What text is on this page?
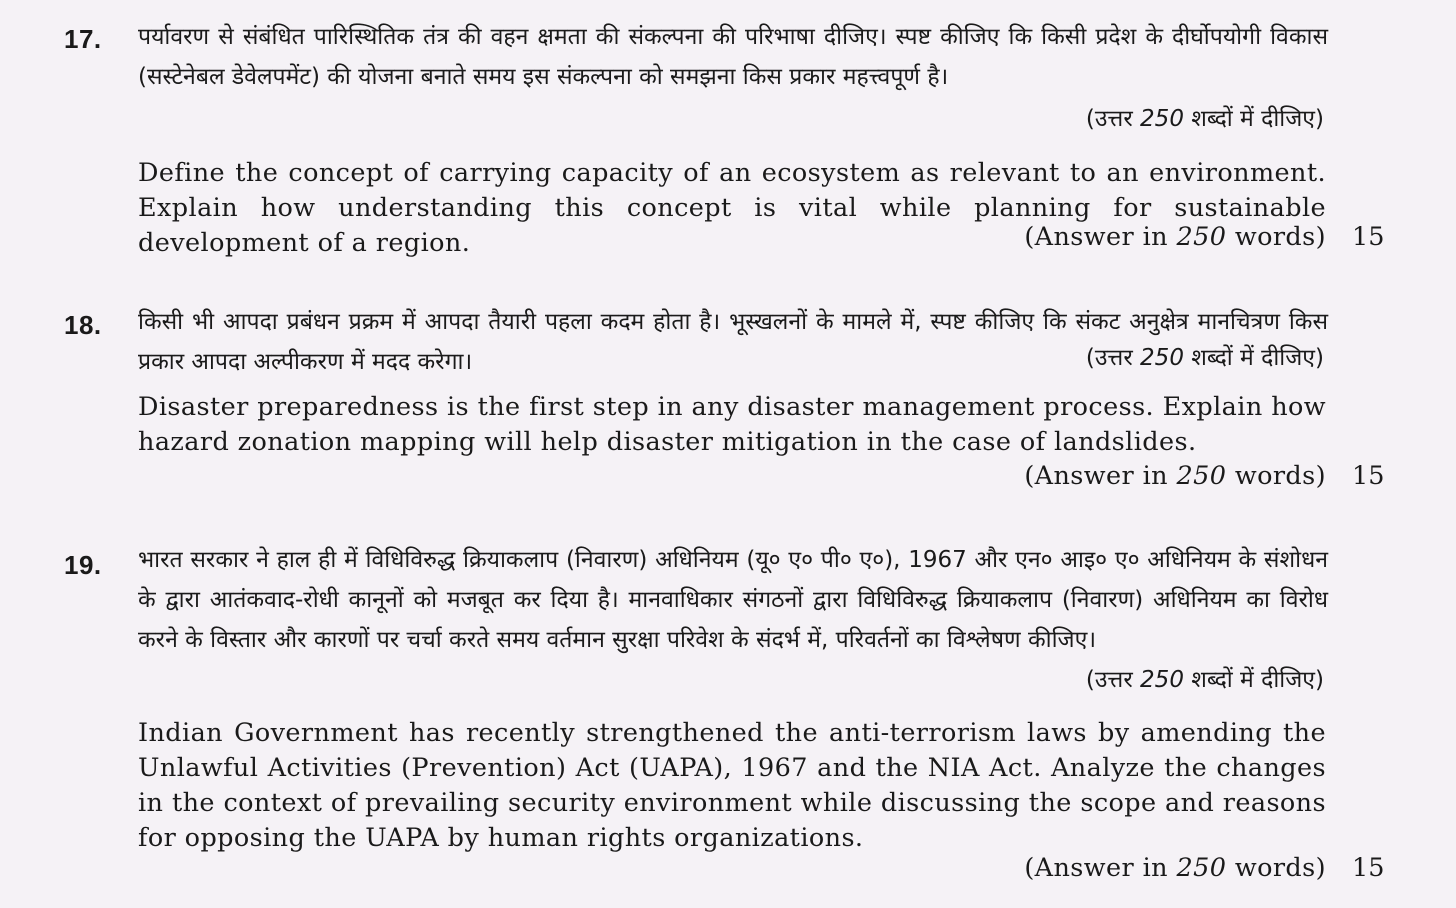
17.	पर्यावरण से संबंधित पारिस्थितिक तंत्र की वहन क्षमता की संकल्पना की परिभाषा दीजिए। स्पष्ट कीजिए कि किसी प्रदेश के दीर्घोपयोगी विकास (सस्टेनेबल डेवेलपमेंट) की योजना बनाते समय इस संकल्पना को समझना किस प्रकार महत्त्वपूर्ण है।
(उत्तर 250 शब्दों में दीजिए)
Define the concept of carrying capacity of an ecosystem as relevant to an environment. Explain how understanding this concept is vital while planning for sustainable development of a region.	(Answer in 250 words) 15
18.	किसी भी आपदा प्रबंधन प्रक्रम में आपदा तैयारी पहला कदम होता है। भूस्खलनों के मामले में, स्पष्ट कीजिए कि संकट अनुक्षेत्र मानचित्रण किस प्रकार आपदा अल्पीकरण में मदद करेगा।	(उत्तर 250 शब्दों में दीजिए)
Disaster preparedness is the first step in any disaster management process. Explain how hazard zonation mapping will help disaster mitigation in the case of landslides.
(Answer in 250 words) 15
19.	भारत सरकार ने हाल ही में विधिविरुद्ध क्रियाकलाप (निवारण) अधिनियम (यू० ए० पी० ए०), 1967 और एन० आइ० ए० अधिनियम के संशोधन के द्वारा आतंकवाद-रोधी कानूनों को मजबूत कर दिया है। मानवाधिकार संगठनों द्वारा विधिविरुद्ध क्रियाकलाप (निवारण) अधिनियम का विरोध करने के विस्तार और कारणों पर चर्चा करते समय वर्तमान सुरक्षा परिवेश के संदर्भ में, परिवर्तनों का विश्लेषण कीजिए।
(उत्तर 250 शब्दों में दीजिए)
Indian Government has recently strengthened the anti-terrorism laws by amending the Unlawful Activities (Prevention) Act (UAPA), 1967 and the NIA Act. Analyze the changes in the context of prevailing security environment while discussing the scope and reasons for opposing the UAPA by human rights organizations.
(Answer in 250 words) 15
